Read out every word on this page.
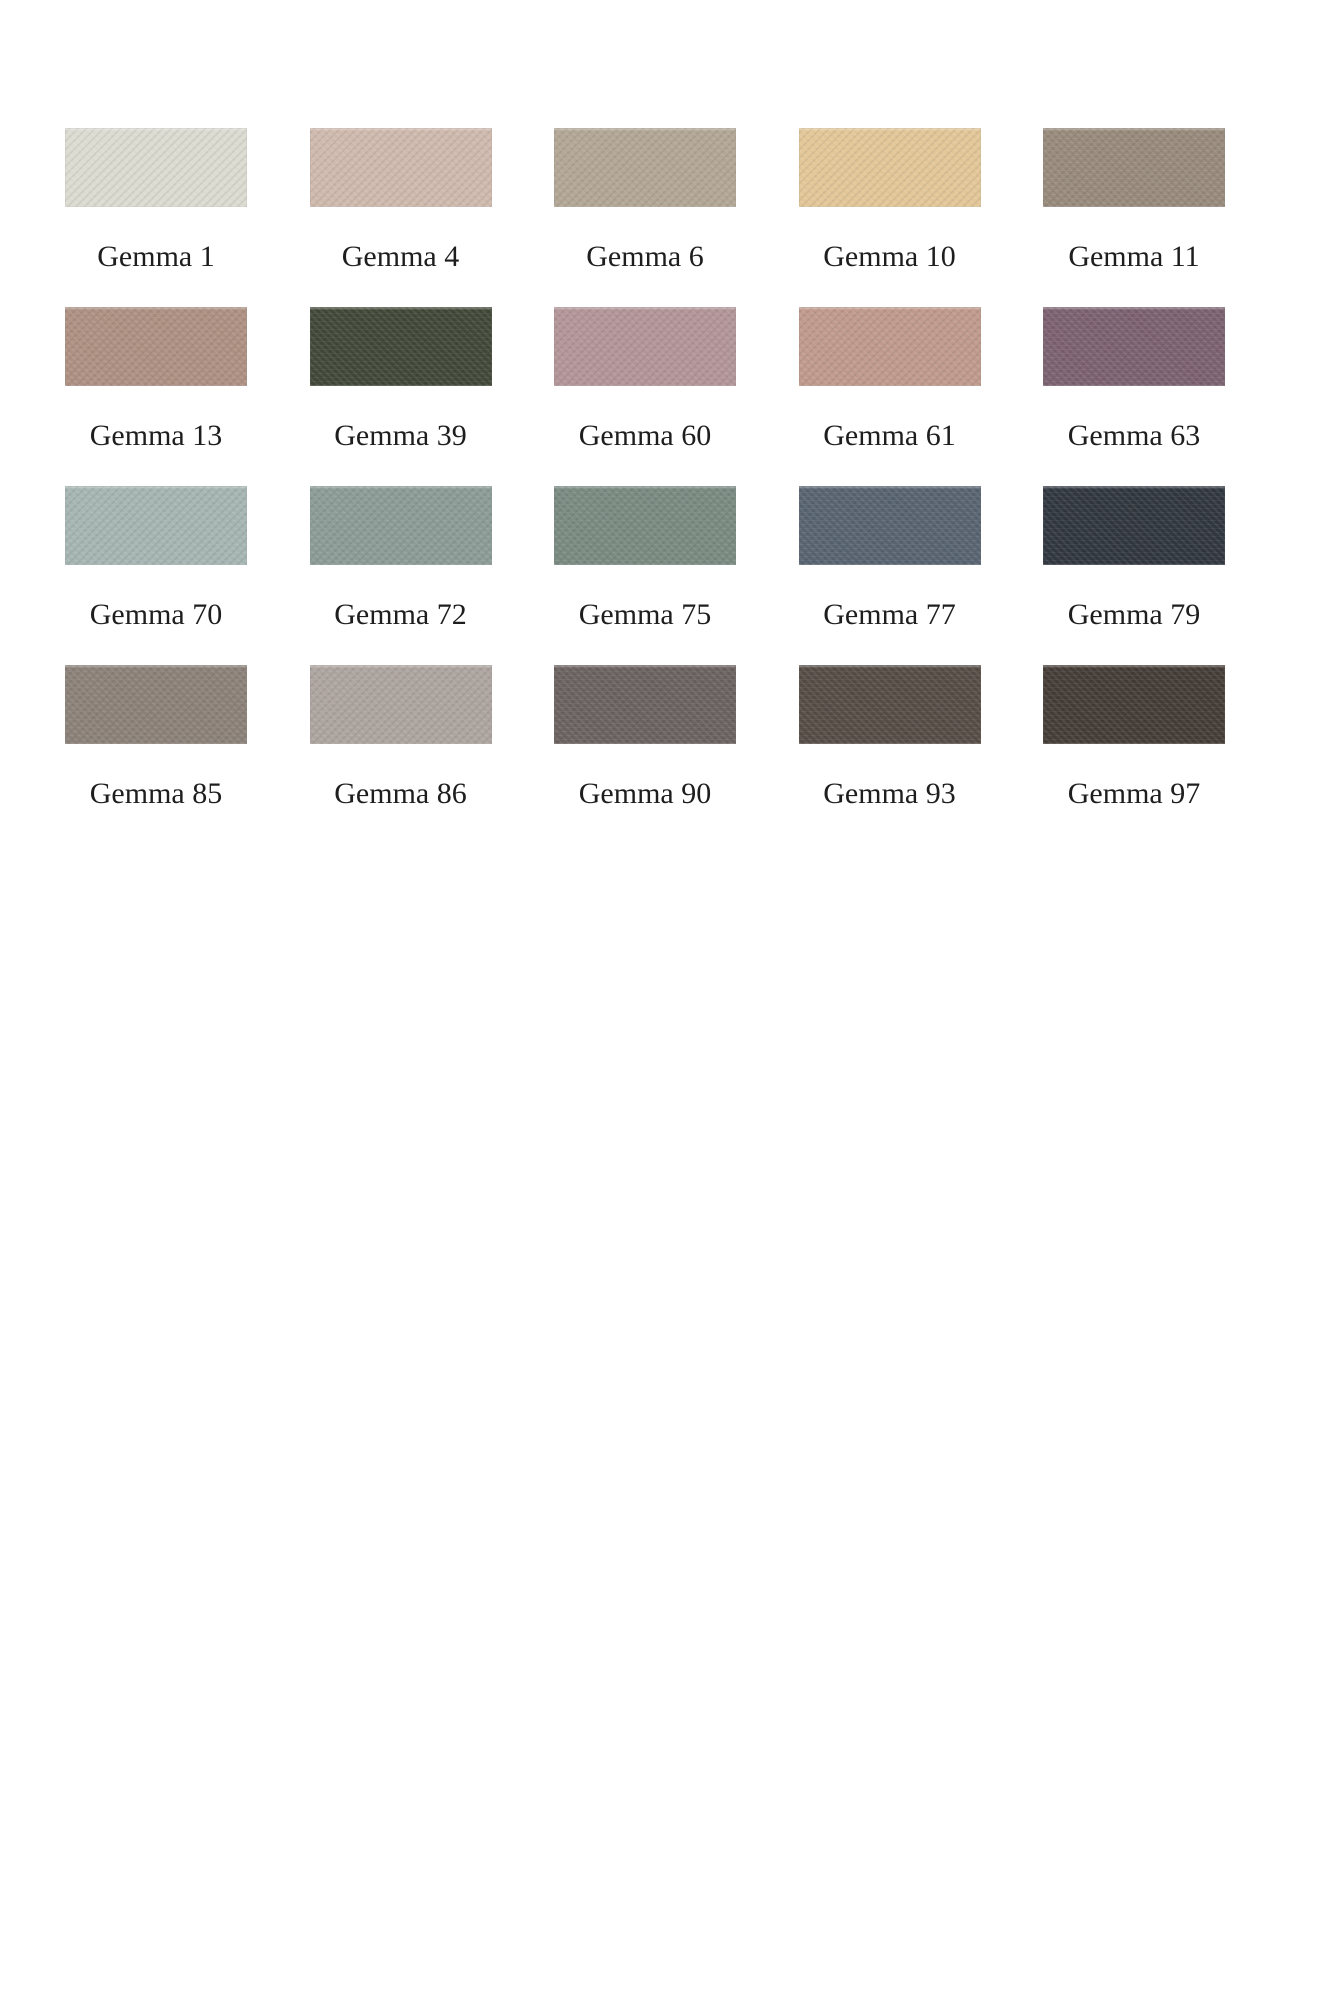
Gemma 1	Gemma 4	Gemma 6	Gemma 10	Gemma 11
Gemma 13	Gemma 39	Gemma 60	Gemma 61	Gemma 63
Gemma 70	Gemma 72	Gemma 75	Gemma 77	Gemma 79
Gemma 85	Gemma 86	Gemma 90	Gemma 93	Gemma 97
